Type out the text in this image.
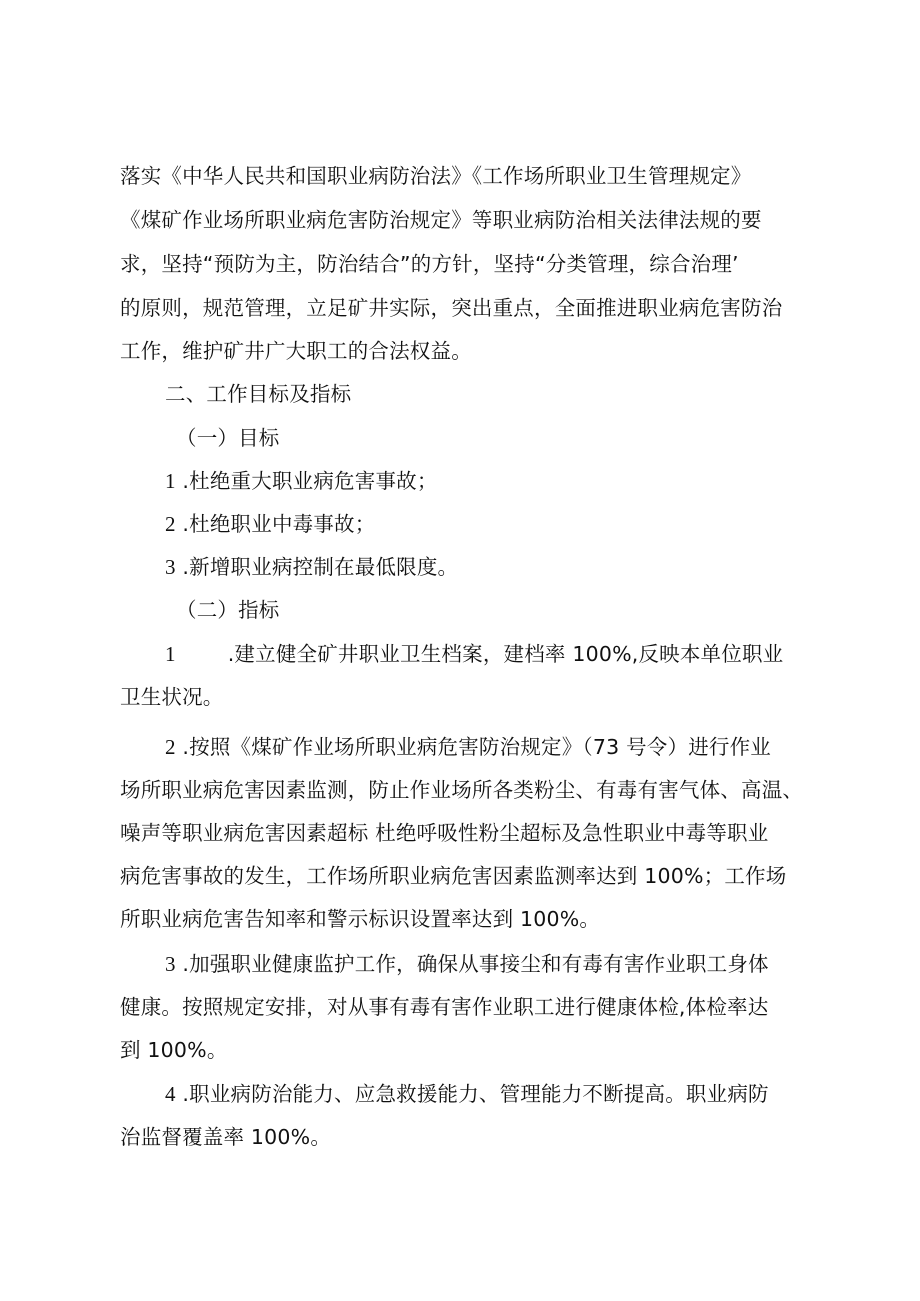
落实《中华人民共和国职业病防治法》《工作场所职业卫生管理规定》
《煤矿作业场所职业病危害防治规定》等职业病防治相关法律法规的要
求，坚持“预防为主，防治结合”的方针，坚持“分类管理，综合治理’
的原则，规范管理，立足矿井实际，突出重点，全面推进职业病危害防治
工作，维护矿井广大职工的合法权益。
二、工作目标及指标
（一）目标
1 .杜绝重大职业病危害事故；
2 .杜绝职业中毒事故；
3 .新增职业病控制在最低限度。
（二）指标
1	.建立健全矿井职业卫生档案，建档率 100%,反映本单位职业
卫生状况。
2 .按照《煤矿作业场所职业病危害防治规定》（73 号令）进行作业
场所职业病危害因素监测，防止作业场所各类粉尘、有毒有害气体、高温、
噪声等职业病危害因素超标 杜绝呼吸性粉尘超标及急性职业中毒等职业
病危害事故的发生，工作场所职业病危害因素监测率达到 100%；工作场
所职业病危害告知率和警示标识设置率达到 100%。
3 .加强职业健康监护工作，确保从事接尘和有毒有害作业职工身体
健康。按照规定安排，对从事有毒有害作业职工进行健康体检,体检率达
到 100%。
4 .职业病防治能力、应急救援能力、管理能力不断提高。职业病防
治监督覆盖率 100%。
